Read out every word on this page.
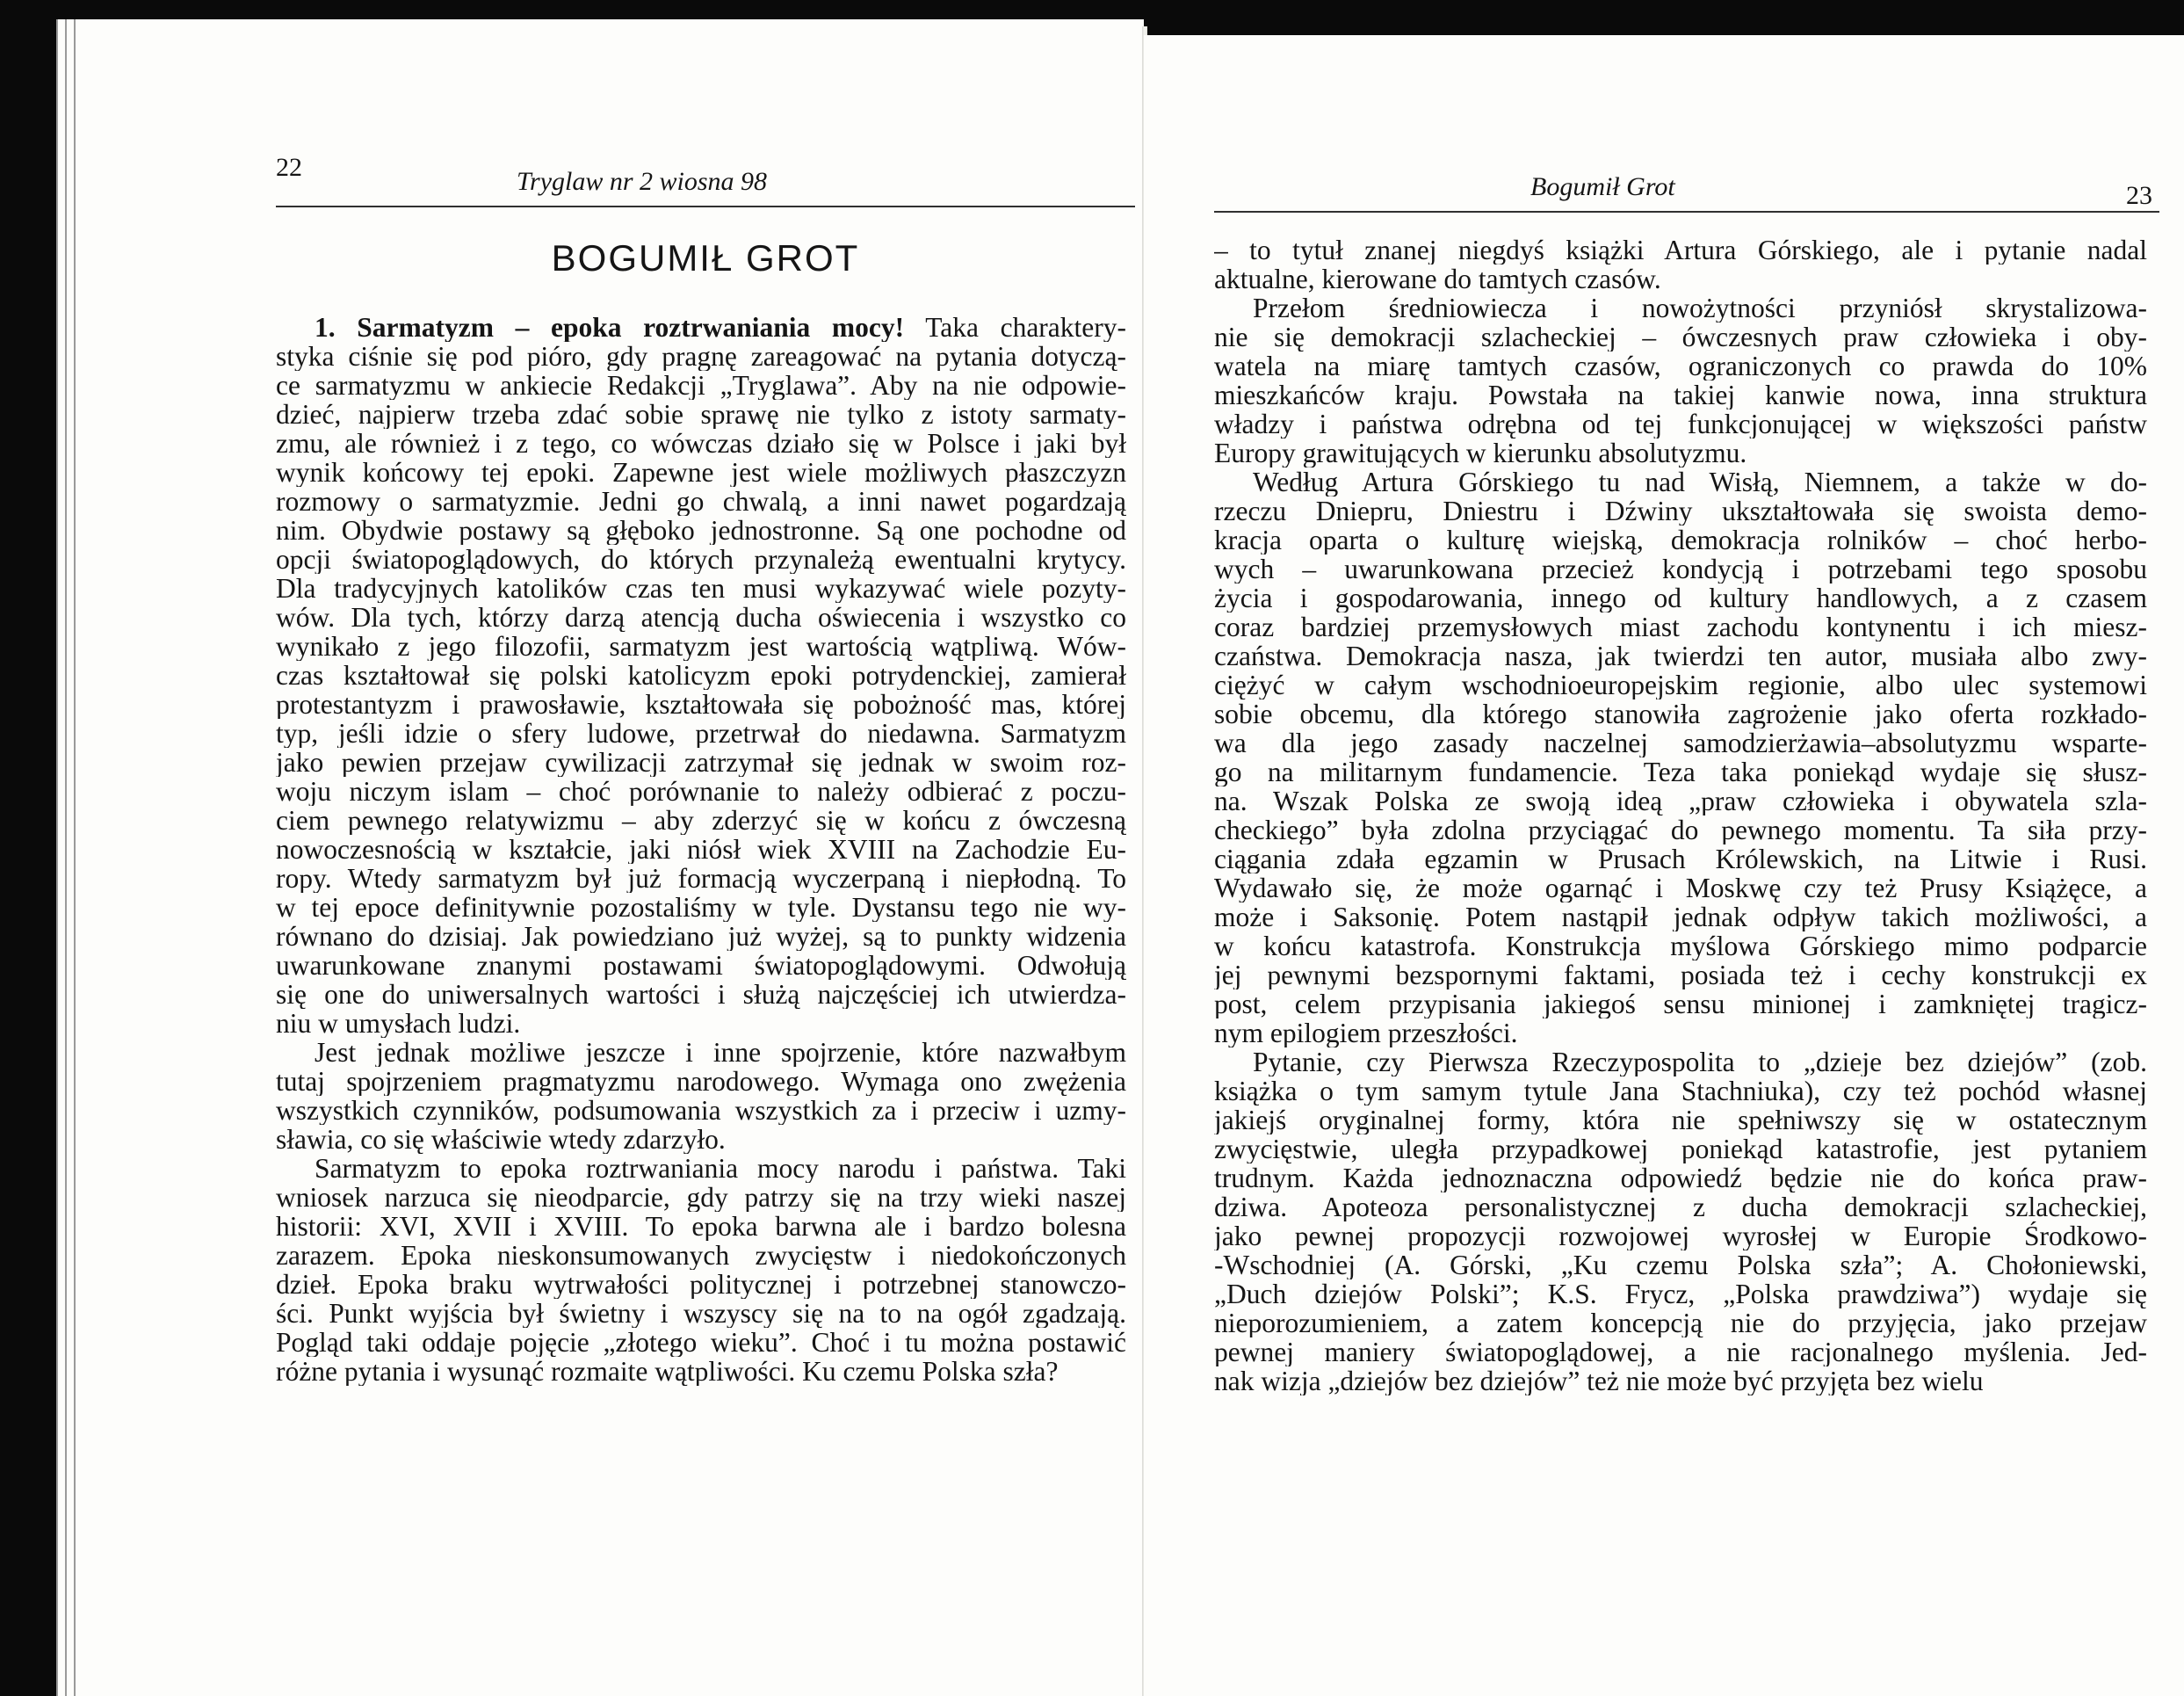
22	Tryglaw nr 2 wiosna 98
BOGUMIŁ GROT
1. Sarmatyzm – epoka roztrwaniania mocy! Taka charaktery-
styka ciśnie się pod pióro, gdy pragnę zareagować na pytania dotyczą-
ce sarmatyzmu w ankiecie Redakcji „Tryglawa”. Aby na nie odpowie-
dzieć, najpierw trzeba zdać sobie sprawę nie tylko z istoty sarmaty-
zmu, ale również i z tego, co wówczas działo się w Polsce i jaki był
wynik końcowy tej epoki. Zapewne jest wiele możliwych płaszczyzn
rozmowy o sarmatyzmie. Jedni go chwalą, a inni nawet pogardzają
nim. Obydwie postawy są głęboko jednostronne. Są one pochodne od
opcji światopoglądowych, do których przynależą ewentualni krytycy.
Dla tradycyjnych katolików czas ten musi wykazywać wiele pozyty-
wów. Dla tych, którzy darzą atencją ducha oświecenia i wszystko co
wynikało z jego filozofii, sarmatyzm jest wartością wątpliwą. Wów-
czas kształtował się polski katolicyzm epoki potrydenckiej, zamierał
protestantyzm i prawosławie, kształtowała się pobożność mas, której
typ, jeśli idzie o sfery ludowe, przetrwał do niedawna. Sarmatyzm
jako pewien przejaw cywilizacji zatrzymał się jednak w swoim roz-
woju niczym islam – choć porównanie to należy odbierać z poczu-
ciem pewnego relatywizmu – aby zderzyć się w końcu z ówczesną
nowoczesnością w kształcie, jaki niósł wiek XVIII na Zachodzie Eu-
ropy. Wtedy sarmatyzm był już formacją wyczerpaną i niepłodną. To
w tej epoce definitywnie pozostaliśmy w tyle. Dystansu tego nie wy-
równano do dzisiaj. Jak powiedziano już wyżej, są to punkty widzenia
uwarunkowane znanymi postawami światopoglądowymi. Odwołują
się one do uniwersalnych wartości i służą najczęściej ich utwierdza-
niu w umysłach ludzi.
Jest jednak możliwe jeszcze i inne spojrzenie, które nazwałbym
tutaj spojrzeniem pragmatyzmu narodowego. Wymaga ono zwężenia
wszystkich czynników, podsumowania wszystkich za i przeciw i uzmy-
sławia, co się właściwie wtedy zdarzyło.
Sarmatyzm to epoka roztrwaniania mocy narodu i państwa. Taki
wniosek narzuca się nieodparcie, gdy patrzy się na trzy wieki naszej
historii: XVI, XVII i XVIII. To epoka barwna ale i bardzo bolesna
zarazem. Epoka nieskonsumowanych zwycięstw i niedokończonych
dzieł. Epoka braku wytrwałości politycznej i potrzebnej stanowczo-
ści. Punkt wyjścia był świetny i wszyscy się na to na ogół zgadzają.
Pogląd taki oddaje pojęcie „złotego wieku”. Choć i tu można postawić
różne pytania i wysunąć rozmaite wątpliwości. Ku czemu Polska szła?
Bogumił Grot	23
– to tytuł znanej niegdyś książki Artura Górskiego, ale i pytanie nadal
aktualne, kierowane do tamtych czasów.
Przełom średniowiecza i nowożytności przyniósł skrystalizowa-
nie się demokracji szlacheckiej – ówczesnych praw człowieka i oby-
watela na miarę tamtych czasów, ograniczonych co prawda do 10%
mieszkańców kraju. Powstała na takiej kanwie nowa, inna struktura
władzy i państwa odrębna od tej funkcjonującej w większości państw
Europy grawitujących w kierunku absolutyzmu.
Według Artura Górskiego tu nad Wisłą, Niemnem, a także w do-
rzeczu Dniepru, Dniestru i Dźwiny ukształtowała się swoista demo-
kracja oparta o kulturę wiejską, demokracja rolników – choć herbo-
wych – uwarunkowana przecież kondycją i potrzebami tego sposobu
życia i gospodarowania, innego od kultury handlowych, a z czasem
coraz bardziej przemysłowych miast zachodu kontynentu i ich miesz-
czaństwa. Demokracja nasza, jak twierdzi ten autor, musiała albo zwy-
ciężyć w całym wschodnioeuropejskim regionie, albo ulec systemowi
sobie obcemu, dla którego stanowiła zagrożenie jako oferta rozkłado-
wa dla jego zasady naczelnej samodzierżawia–absolutyzmu wsparte-
go na militarnym fundamencie. Teza taka poniekąd wydaje się słusz-
na. Wszak Polska ze swoją ideą „praw człowieka i obywatela szla-
checkiego” była zdolna przyciągać do pewnego momentu. Ta siła przy-
ciągania zdała egzamin w Prusach Królewskich, na Litwie i Rusi.
Wydawało się, że może ogarnąć i Moskwę czy też Prusy Książęce, a
może i Saksonię. Potem nastąpił jednak odpływ takich możliwości, a
w końcu katastrofa. Konstrukcja myślowa Górskiego mimo podparcie
jej pewnymi bezspornymi faktami, posiada też i cechy konstrukcji ex
post, celem przypisania jakiegoś sensu minionej i zamkniętej tragicz-
nym epilogiem przeszłości.
Pytanie, czy Pierwsza Rzeczypospolita to „dzieje bez dziejów” (zob.
książka o tym samym tytule Jana Stachniuka), czy też pochód własnej
jakiejś oryginalnej formy, która nie spełniwszy się w ostatecznym
zwycięstwie, uległa przypadkowej poniekąd katastrofie, jest pytaniem
trudnym. Każda jednoznaczna odpowiedź będzie nie do końca praw-
dziwa. Apoteoza personalistycznej z ducha demokracji szlacheckiej,
jako pewnej propozycji rozwojowej wyrosłej w Europie Środkowo-
-Wschodniej (A. Górski, „Ku czemu Polska szła”; A. Chołoniewski,
„Duch dziejów Polski”; K.S. Frycz, „Polska prawdziwa”) wydaje się
nieporozumieniem, a zatem koncepcją nie do przyjęcia, jako przejaw
pewnej maniery światopoglądowej, a nie racjonalnego myślenia. Jed-
nak wizja „dziejów bez dziejów” też nie może być przyjęta bez wielu
